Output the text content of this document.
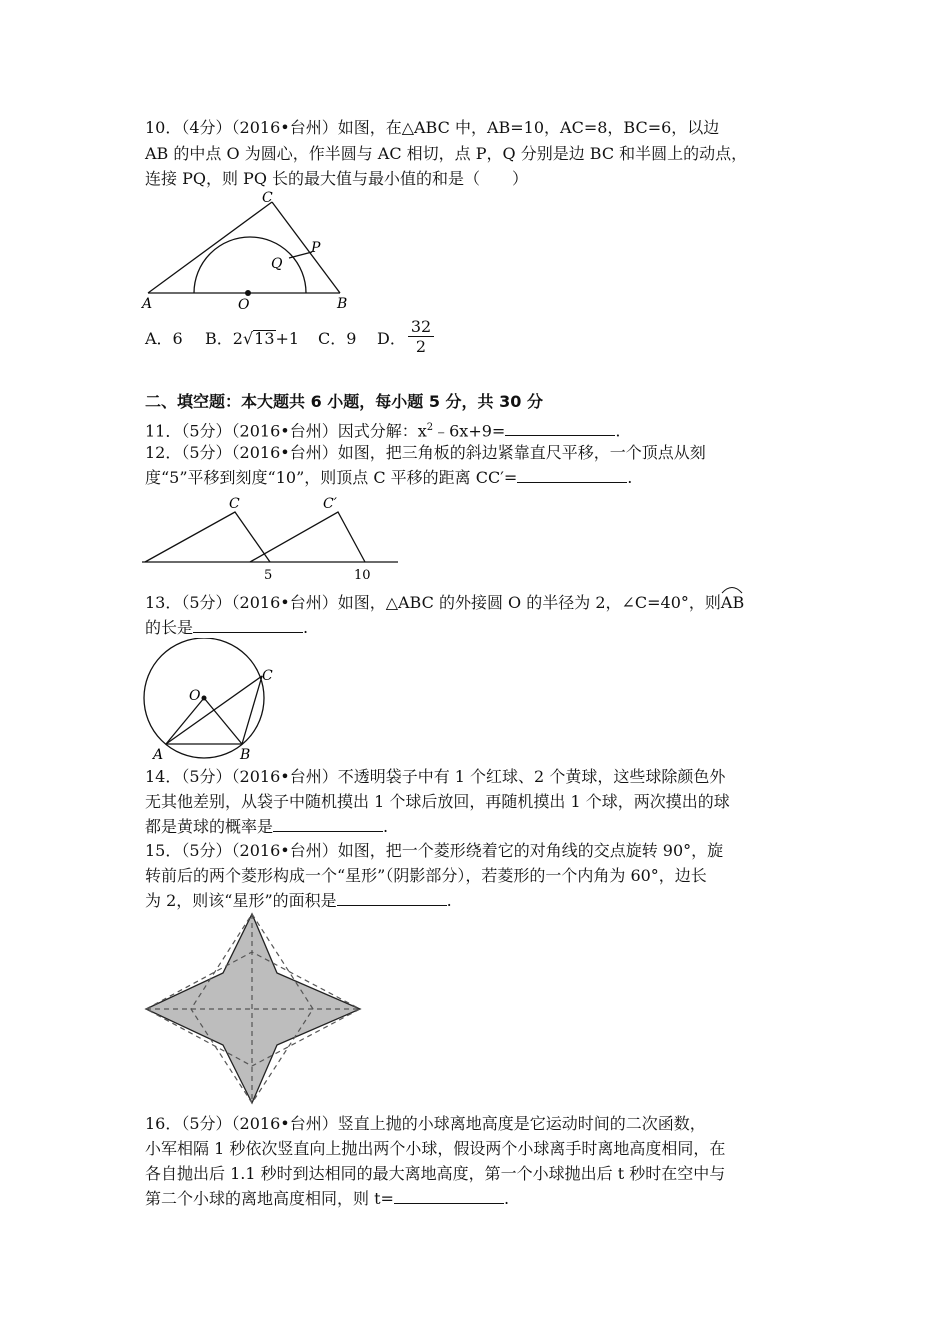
10．（4分）（2016•台州）如图，在△ABC 中，AB=10，AC=8，BC=6，以边
AB 的中点 O 为圆心，作半圆与 AC 相切，点 P，Q 分别是边 BC 和半圆上的动点，
连接 PQ，则 PQ 长的最大值与最小值的和是（　　）
A	B
C
O
P
Q
A．6 B．2√13+1 C．9 D． $\frac{32}{2}$
二、填空题：本大题共 6 小题，每小题 5 分，共 30 分
11．（5分）（2016•台州）因式分解：$x^2﹣6x+9=$	.
12．（5分）（2016•台州）如图，把三角板的斜边紧靠直尺平移，一个顶点从刻
度“5”平移到刻度“10”，则顶点 C 平移的距离 CC′=	.
C	C′
5	10
13．（5分）（2016•台州）如图，△ABC 的外接圆 O 的半径为 2，∠C=40°，则
AB
的长是	.
A	B
C
O
14．（5分）（2016•台州）不透明袋子中有 1 个红球、2 个黄球，这些球除颜色外
无其他差别，从袋子中随机摸出 1 个球后放回，再随机摸出 1 个球，两次摸出的球
都是黄球的概率是	.
15．（5分）（2016•台州）如图，把一个菱形绕着它的对角线的交点旋转 90°，旋
转前后的两个菱形构成一个“星形”（阴影部分），若菱形的一个内角为 60°，边长
为 2，则该“星形”的面积是	.
16．（5分）（2016•台州）竖直上抛的小球离地高度是它运动时间的二次函数，
小军相隔 1 秒依次竖直向上抛出两个小球，假设两个小球离手时离地高度相同，在
各自抛出后 1.1 秒时到达相同的最大离地高度，第一个小球抛出后 t 秒时在空中与
第二个小球的离地高度相同，则 t=	.
